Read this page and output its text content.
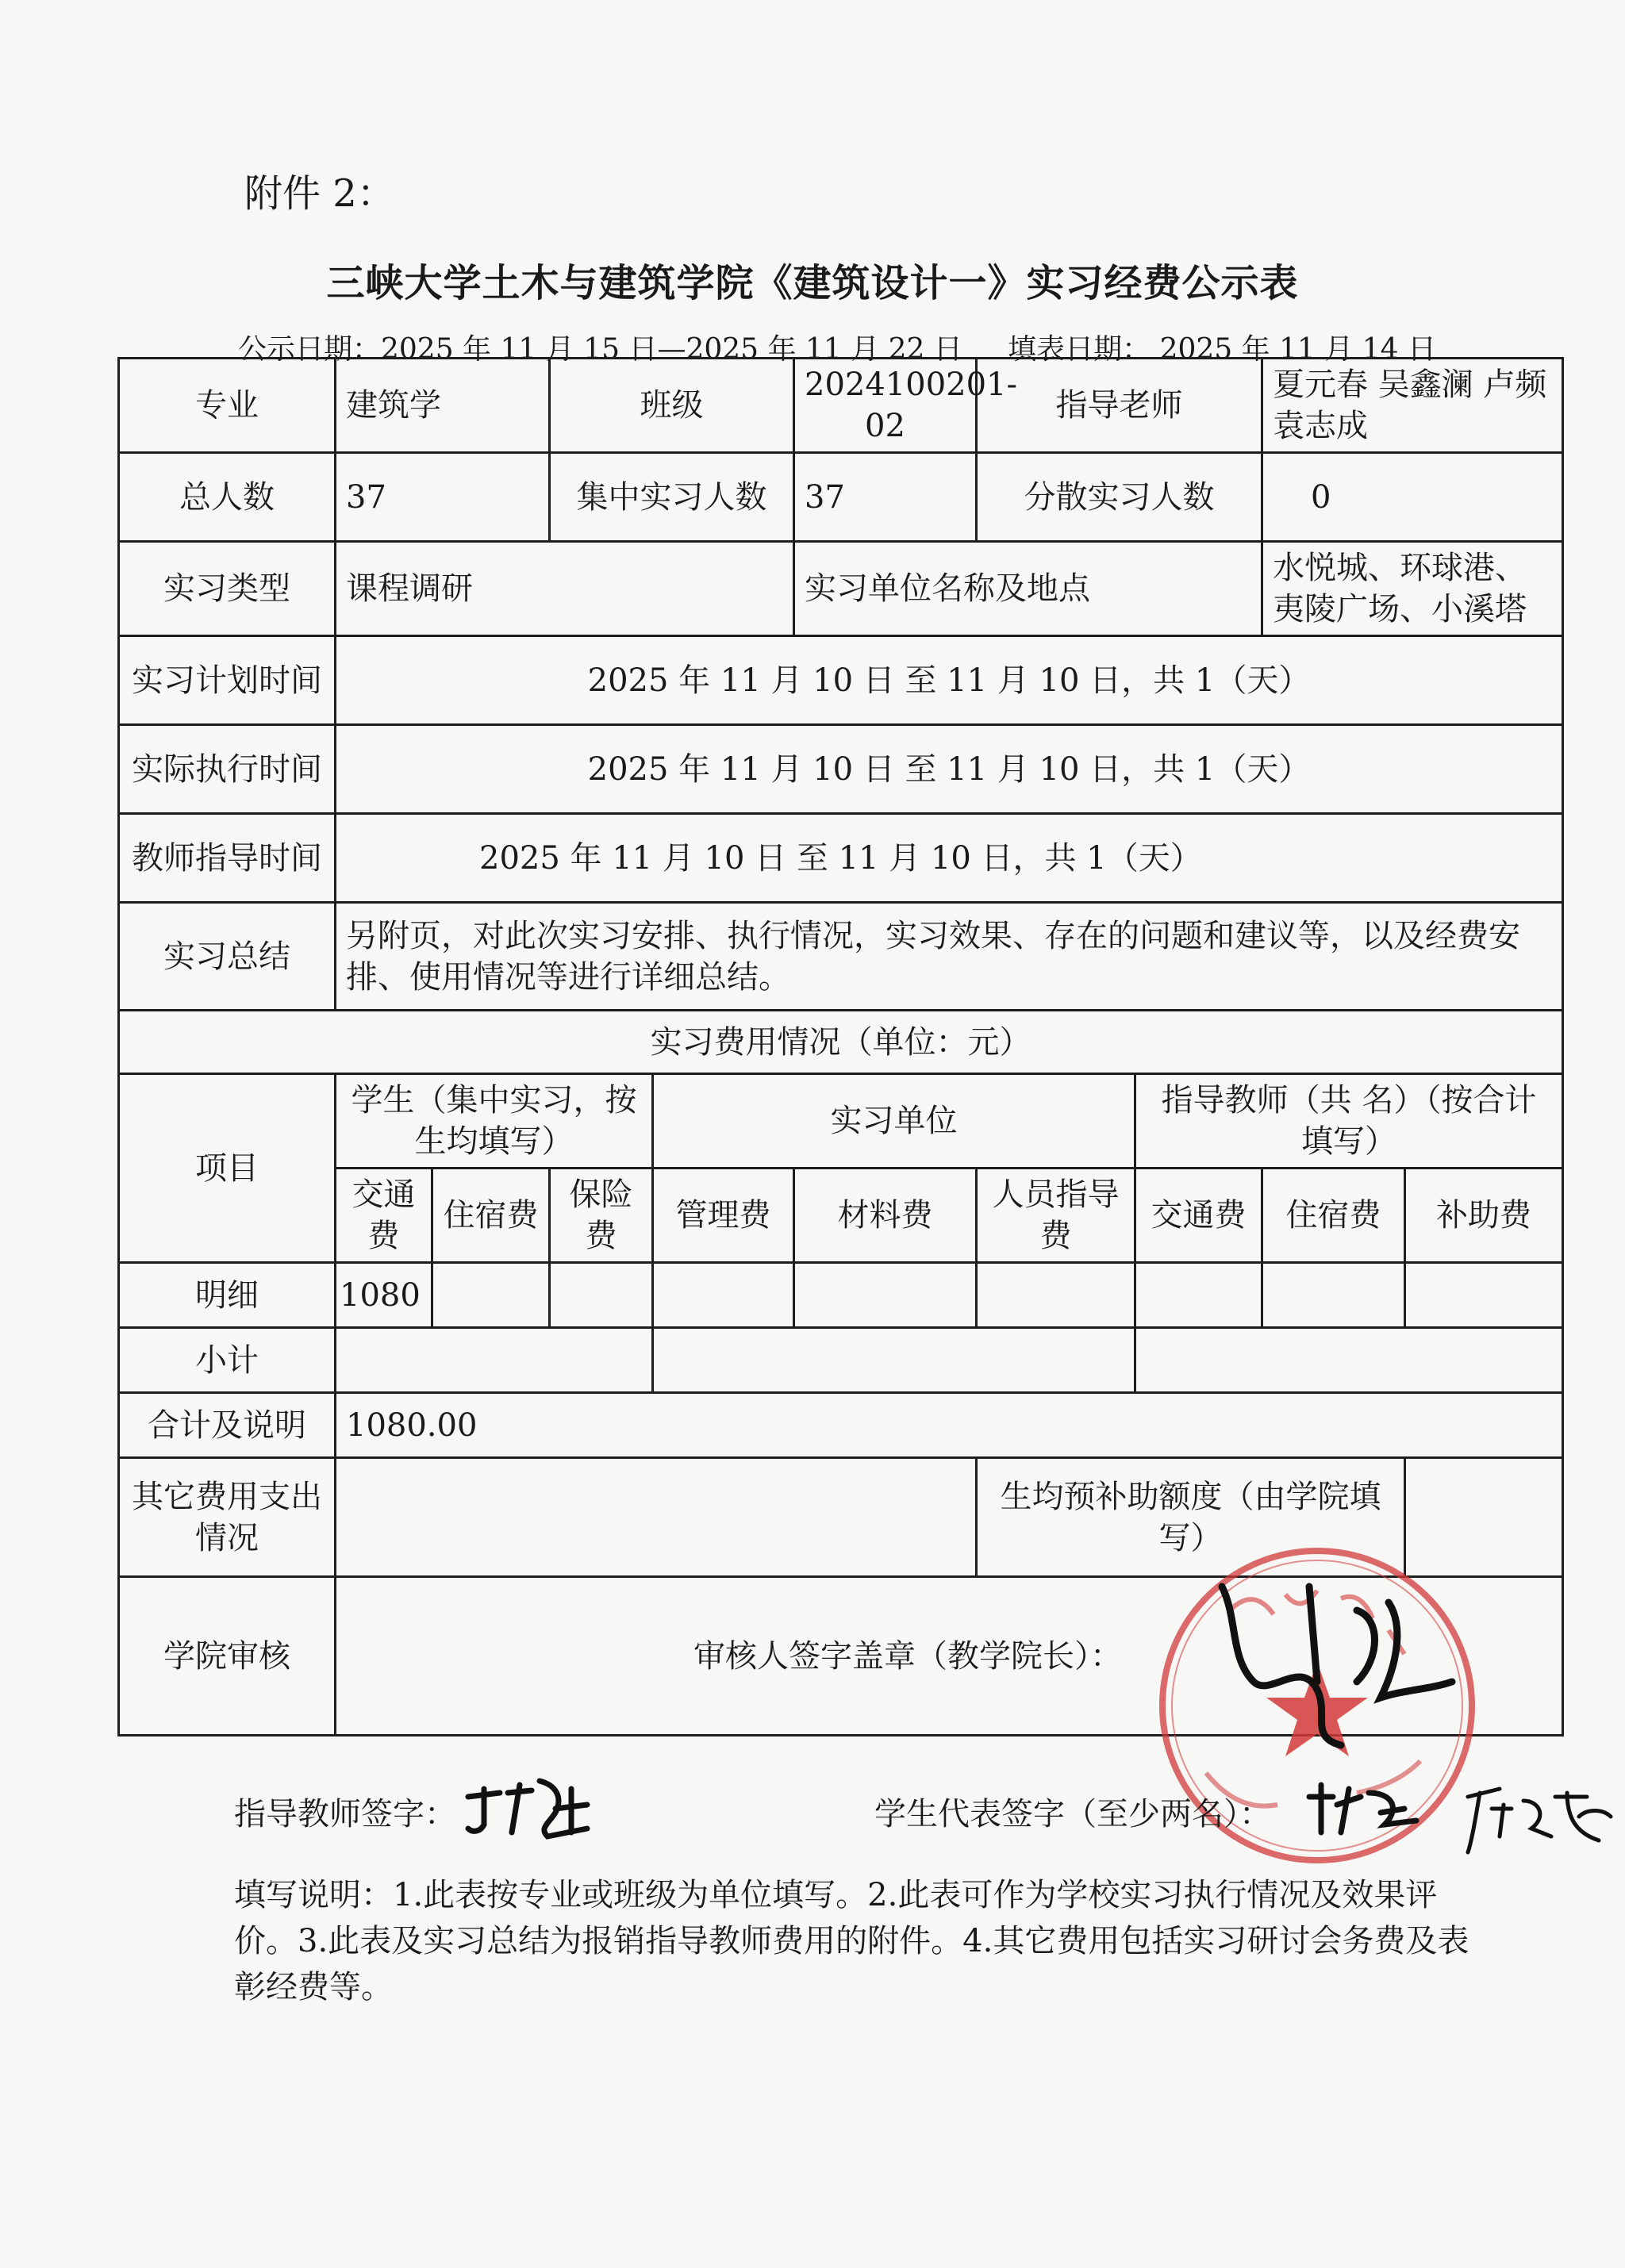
附件 2：
三峡大学土木与建筑学院《建筑设计一》实习经费公示表
公示日期：2025 年 11 月 15 日—2025 年 11 月 22 日     填表日期： 2025 年 11 月 14 日
专业	建筑学		班级		2024100201-02	指导老师		夏元春 吴鑫澜 卢频 袁志成	
总人数	37		集中实习人数		37	分散实习人数		0	
实习类型	课程调研				实习单位名称及地点			水悦城、环球港、夷陵广场、小溪塔	
实习计划时间	2025 年 11 月 10 日 至 11 月 10 日，共 1（天）								
实际执行时间	2025 年 11 月 10 日 至 11 月 10 日，共 1（天）								
教师指导时间	2025 年 11 月 10 日 至 11 月 10 日，共 1（天）								
实习总结	另附页，对此次实习安排、执行情况，实习效果、存在的问题和建议等，以及经费安排、使用情况等进行详细总结。								
实习费用情况（单位：元）									
项目	学生（集中实习，按生均填写）			实习单位			指导教师（共 名）（按合计填写）		
	交通费	住宿费	保险费	管理费	材料费	人员指导费	交通费	住宿费	补助费
明细	1080								
小计									
合计及说明	1080.00								
其它费用支出情况						生均预补助额度（由学院填写）			
学院审核	审核人签字盖章（教学院长）：								
指导教师签字：	学生代表签字（至少两名）：
填写说明：1.此表按专业或班级为单位填写。2.此表可作为学校实习执行情况及效果评价。3.此表及实习总结为报销指导教师费用的附件。4.其它费用包括实习研讨会务费及表彰经费等。
